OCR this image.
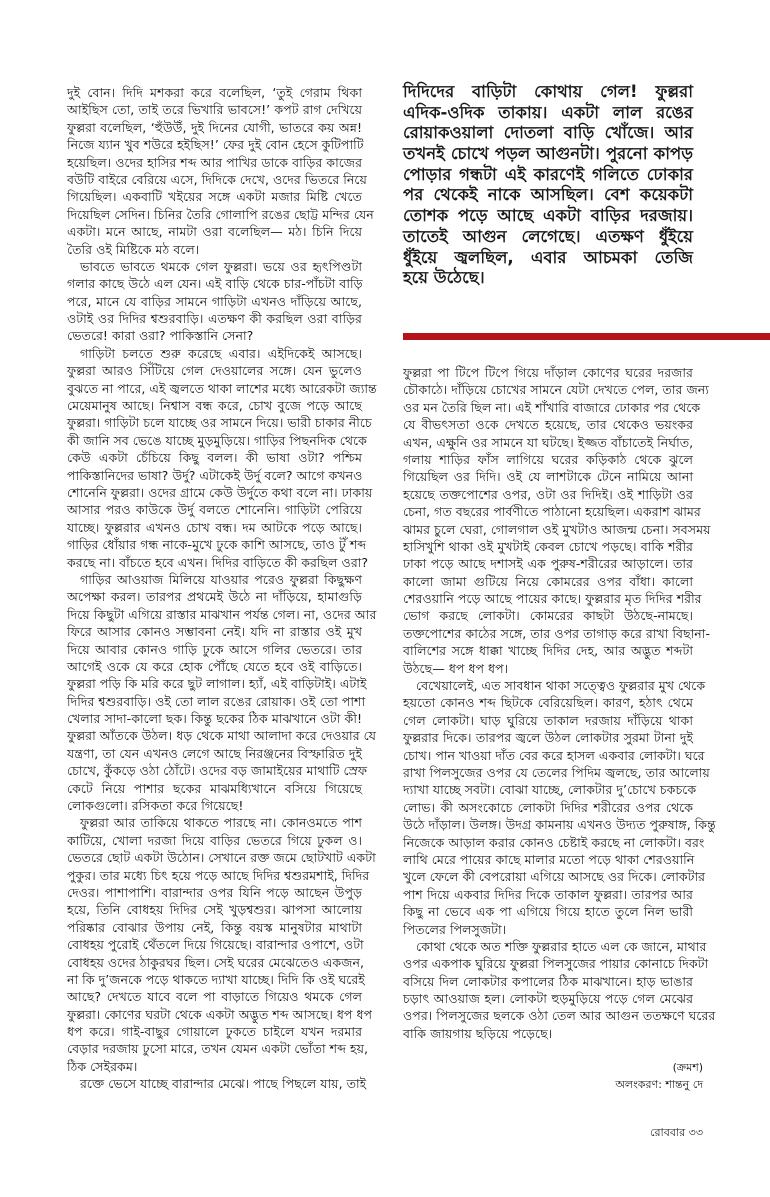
দুই বোন। দিদি মশকরা করে বলেছিল, ‘তুই গেরাম থিকা
আইছিস তো, তাই তরে ভিখারি ভাবসে!’ কপট রাগ দেখিয়ে
ফুল্লরা বলেছিল, ‘হুঁউউঁ, দুই দিনের যোগী, ভাতরে কয় অন্ন!
নিজে য্যান খুব শউরে হইছিস!’ ফের দুই বোন হেসে কুটিপাটি
হয়েছিল। ওদের হাসির শব্দ আর পাখির ডাকে বাড়ির কাজের
বউটি বাইরে বেরিয়ে এসে, দিদিকে দেখে, ওদের ভিতরে নিয়ে
গিয়েছিল। একবাটি খইয়ের সঙ্গে একটা মজার মিষ্টি খেতে
দিয়েছিল সেদিন। চিনির তৈরি গোলাপি রঙের ছোট্ট মন্দির যেন
একটা। মনে আছে, নামটা ওরা বলেছিল— মঠ। চিনি দিয়ে
তৈরি ওই মিষ্টিকে মঠ বলে।
ভাবতে ভাবতে থমকে গেল ফুল্লরা। ভয়ে ওর হৃৎপিণ্ডটা
গলার কাছে উঠে এল যেন। এই বাড়ি থেকে চার-পাঁচটা বাড়ি
পরে, মানে যে বাড়ির সামনে গাড়িটা এখনও দাঁড়িয়ে আছে,
ওটাই ওর দিদির শ্বশুরবাড়ি। এতক্ষণ কী করছিল ওরা বাড়ির
ভেতরে! কারা ওরা? পাকিস্তানি সেনা?
গাড়িটা চলতে শুরু করেছে এবার। এইদিকেই আসছে।
ফুল্লরা আরও সিঁটিয়ে গেল দেওয়ালের সঙ্গে। যেন ভুলেও
বুঝতে না পারে, এই জ্বলতে থাকা লাশের মধ্যে আরেকটা জ্যান্ত
মেয়েমানুষ আছে। নিশ্বাস বন্ধ করে, চোখ বুজে পড়ে আছে
ফুল্লরা। গাড়িটা চলে যাচ্ছে ওর সামনে দিয়ে। ভারী চাকার নীচে
কী জানি সব ভেঙে যাচ্ছে মুড়মুড়িয়ে। গাড়ির পিছনদিক থেকে
কেউ একটা চেঁচিয়ে কিছু বলল। কী ভাষা ওটা? পশ্চিম
পাকিস্তানিদের ভাষা? উর্দু? এটাকেই উর্দু বলে? আগে কখনও
শোনেনি ফুল্লরা। ওদের গ্রামে কেউ উর্দুতে কথা বলে না। ঢাকায়
আসার পরও কাউকে উর্দু বলতে শোনেনি। গাড়িটা পেরিয়ে
যাচ্ছে। ফুল্লরার এখনও চোখ বন্ধ। দম আটকে পড়ে আছে।
গাড়ির ধোঁয়ার গন্ধ নাকে-মুখে ঢুকে কাশি আসছে, তাও টুঁ শব্দ
করছে না। বাঁচতে হবে এখন। দিদির বাড়িতে কী করছিল ওরা?
গাড়ির আওয়াজ মিলিয়ে যাওয়ার পরেও ফুল্লরা কিছুক্ষণ
অপেক্ষা করল। তারপর প্রথমেই উঠে না দাঁড়িয়ে, হামাগুড়ি
দিয়ে কিছুটা এগিয়ে রাস্তার মাঝখান পর্যন্ত গেল। না, ওদের আর
ফিরে আসার কোনও সম্ভাবনা নেই। যদি না রাস্তার ওই মুখ
দিয়ে আবার কোনও গাড়ি ঢুকে আসে গলির ভেতরে। তার
আগেই ওকে যে করে হোক পৌঁছে যেতে হবে ওই বাড়িতে।
ফুল্লরা পড়ি কি মরি করে ছুট লাগাল। হ্যাঁ, এই বাড়িটাই। এটাই
দিদির শ্বশুরবাড়ি। ওই তো লাল রঙের রোয়াক। ওই তো পাশা
খেলার সাদা-কালো ছক। কিন্তু ছকের ঠিক মাঝখানে ওটা কী!
ফুল্লরা আঁতকে উঠল। ধড় থেকে মাথা আলাদা করে দেওয়ার যে
যন্ত্রণা, তা যেন এখনও লেগে আছে নিরঞ্জনের বিস্ফারিত দুই
চোখে, কুঁকড়ে ওঠা ঠোঁটে। ওদের বড় জামাইয়ের মাথাটি স্রেফ
কেটে নিয়ে পাশার ছকের মাঝমধ্যিখানে বসিয়ে গিয়েছে
লোকগুলো। রসিকতা করে গিয়েছে!
ফুল্লরা আর তাকিয়ে থাকতে পারছে না। কোনওমতে পাশ
কাটিয়ে, খোলা দরজা দিয়ে বাড়ির ভেতরে গিয়ে ঢুকল ও।
ভেতরে ছোট একটা উঠোন। সেখানে রক্ত জমে ছোটখাট একটা
পুকুর। তার মধ্যে চিৎ হয়ে পড়ে আছে দিদির শ্বশুরমশাই, দিদির
দেওর। পাশাপাশি। বারান্দার ওপর যিনি পড়ে আছেন উপুড়
হয়ে, তিনি বোধহয় দিদির সেই খুড়শ্বশুর। ঝাপসা আলোয়
পরিষ্কার বোঝার উপায় নেই, কিন্তু বয়স্ক মানুষটার মাথাটা
বোধহয় পুরোই থেঁতলে দিয়ে গিয়েছে। বারান্দার ওপাশে, ওটা
বোধহয় ওদের ঠাকুরঘর ছিল। সেই ঘরের মেঝেতেও একজন,
না কি দু’জনকে পড়ে থাকতে দ্যাখা যাচ্ছে। দিদি কি ওই ঘরেই
আছে? দেখতে যাবে বলে পা বাড়াতে গিয়েও থমকে গেল
ফুল্লরা। কোণের ঘরটা থেকে একটা অদ্ভুত শব্দ আসছে। ধপ ধপ
ধপ করে। গাই-বাছুর গোয়ালে ঢুকতে চাইলে যখন দরমার
বেড়ার দরজায় ঢুসো মারে, তখন যেমন একটা ভোঁতা শব্দ হয়,
ঠিক সেইরকম।
রক্তে ভেসে যাচ্ছে বারান্দার মেঝে। পাছে পিছলে যায়, তাই
দিদিদের বাড়িটা কোথায় গেল! ফুল্লরা
এদিক-ওদিক তাকায়। একটা লাল রঙের
রোয়াকওয়ালা দোতলা বাড়ি খোঁজে। আর
তখনই চোখে পড়ল আগুনটা। পুরনো কাপড়
পোড়ার গন্ধটা এই কারণেই গলিতে ঢোকার
পর থেকেই নাকে আসছিল। বেশ কয়েকটা
তোশক পড়ে আছে একটা বাড়ির দরজায়।
তাতেই আগুন লেগেছে। এতক্ষণ ধুঁইয়ে
ধুঁইয়ে জ্বলছিল, এবার আচমকা তেজি
হয়ে উঠেছে।
ফুল্লরা পা টিপে টিপে গিয়ে দাঁড়াল কোণের ঘরের দরজার
চৌকাঠে। দাঁড়িয়ে চোখের সামনে যেটা দেখতে পেল, তার জন্য
ওর মন তৈরি ছিল না। এই শাঁখারি বাজারে ঢোকার পর থেকে
যে বীভৎসতা ওকে দেখতে হয়েছে, তার থেকেও ভয়ংকর
এখন, এক্ষুনি ওর সামনে যা ঘটছে। ইজ্জত বাঁচাতেই নির্ঘাত,
গলায় শাড়ির ফাঁস লাগিয়ে ঘরের কড়িকাঠ থেকে ঝুলে
গিয়েছিল ওর দিদি। ওই যে লাশটাকে টেনে নামিয়ে আনা
হয়েছে তক্তপোশের ওপর, ওটা ওর দিদিই। ওই শাড়িটা ওর
চেনা, গত বছরের পার্বণীতে পাঠানো হয়েছিল। একরাশ ঝামর
ঝামর চুলে ঘেরা, গোলগাল ওই মুখটাও আজন্ম চেনা। সবসময়
হাসিখুশি থাকা ওই মুখটাই কেবল চোখে পড়ছে। বাকি শরীর
ঢাকা পড়ে আছে দশাসই এক পুরুষ-শরীরের আড়ালে। তার
কালো জামা গুটিয়ে নিয়ে কোমরের ওপর বাঁধা। কালো
শেরওয়ানি পড়ে আছে পায়ের কাছে। ফুল্লরার মৃত দিদির শরীর
ভোগ করছে লোকটা। কোমরের কাছটা উঠছে-নামছে।
তক্তপোশের কাঠের সঙ্গে, তার ওপর তাগাড় করে রাখা বিছানা-
বালিশের সঙ্গে ধাক্কা খাচ্ছে দিদির দেহ, আর অদ্ভুত শব্দটা
উঠছে— ধপ ধপ ধপ।
বেখেয়ালেই, এত সাবধান থাকা সত্ত্বেও ফুল্লরার মুখ থেকে
হয়তো কোনও শব্দ ছিটকে বেরিয়েছিল। কারণ, হঠাৎ থেমে
গেল লোকটা। ঘাড় ঘুরিয়ে তাকাল দরজায় দাঁড়িয়ে থাকা
ফুল্লরার দিকে। তারপর জ্বলে উঠল লোকটার সুরমা টানা দুই
চোখ। পান খাওয়া দাঁত বের করে হাসল একবার লোকটা। ঘরে
রাখা পিলসুজের ওপর যে তেলের পিদিম জ্বলছে, তার আলোয়
দ্যাখা যাচ্ছে সবটা। বোঝা যাচ্ছে, লোকটার দু’চোখে চকচকে
লোভ। কী অসংকোচে লোকটা দিদির শরীরের ওপর থেকে
উঠে দাঁড়াল। উলঙ্গ। উদগ্র কামনায় এখনও উদ্যত পুরুষাঙ্গ, কিন্তু
নিজেকে আড়াল করার কোনও চেষ্টাই করছে না লোকটা। বরং
লাথি মেরে পায়ের কাছে মালার মতো পড়ে থাকা শেরওয়ানি
খুলে ফেলে কী বেপরোয়া এগিয়ে আসছে ওর দিকে। লোকটার
পাশ দিয়ে একবার দিদির দিকে তাকাল ফুল্লরা। তারপর আর
কিছু না ভেবে এক পা এগিয়ে গিয়ে হাতে তুলে নিল ভারী
পিতলের পিলসুজটা।
কোথা থেকে অত শক্তি ফুল্লরার হাতে এল কে জানে, মাথার
ওপর একপাক ঘুরিয়ে ফুল্লরা পিলসুজের পায়ার কোনাচে দিকটা
বসিয়ে দিল লোকটার কপালের ঠিক মাঝখানে। হাড় ভাঙার
চড়াৎ আওয়াজ হল। লোকটা হুড়মুড়িয়ে পড়ে গেল মেঝের
ওপর। পিলসুজের ছলকে ওঠা তেল আর আগুন ততক্ষণে ঘরের
বাকি জায়গায় ছড়িয়ে পড়েছে।
(ক্রমশ)
অলংকরণ: শান্তনু দে
রোববার ৩৩
